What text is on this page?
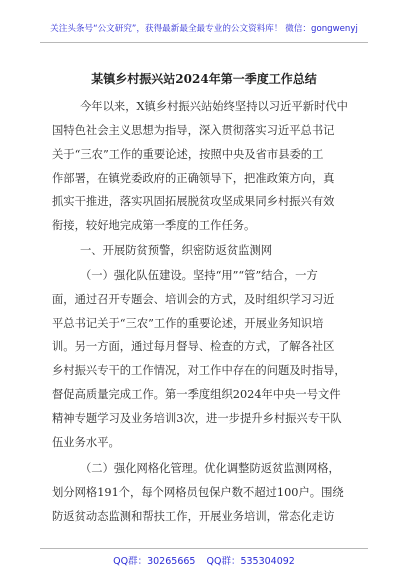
关注头条号“公文研究”，获得最新最全最专业的公文资料库！ 微信：gongwenyj
某镇乡村振兴站2024年第一季度工作总结
今年以来，X镇乡村振兴站始终坚持以习近平新时代中
国特色社会主义思想为指导，深入贯彻落实习近平总书记
关于“三农”工作的重要论述，按照中央及省市县委的工
作部署，在镇党委政府的正确领导下，把准政策方向，真
抓实干推进，落实巩固拓展脱贫攻坚成果同乡村振兴有效
衔接，较好地完成第一季度的工作任务。
一、开展防贫预警，织密防返贫监测网
（一）强化队伍建设。坚持“用”“管”结合，一方
面，通过召开专题会、培训会的方式，及时组织学习习近
平总书记关于“三农”工作的重要论述，开展业务知识培
训。另一方面，通过每月督导、检查的方式，了解各社区
乡村振兴专干的工作情况，对工作中存在的问题及时指导，
督促高质量完成工作。第一季度组织2024年中央一号文件
精神专题学习及业务培训3次，进一步提升乡村振兴专干队
伍业务水平。
（二）强化网格化管理。优化调整防返贫监测网格，
划分网格191个，每个网格员包保户数不超过100户。围绕
防返贫动态监测和帮扶工作，开展业务培训，常态化走访
QQ群：30265665 QQ群：535304092
